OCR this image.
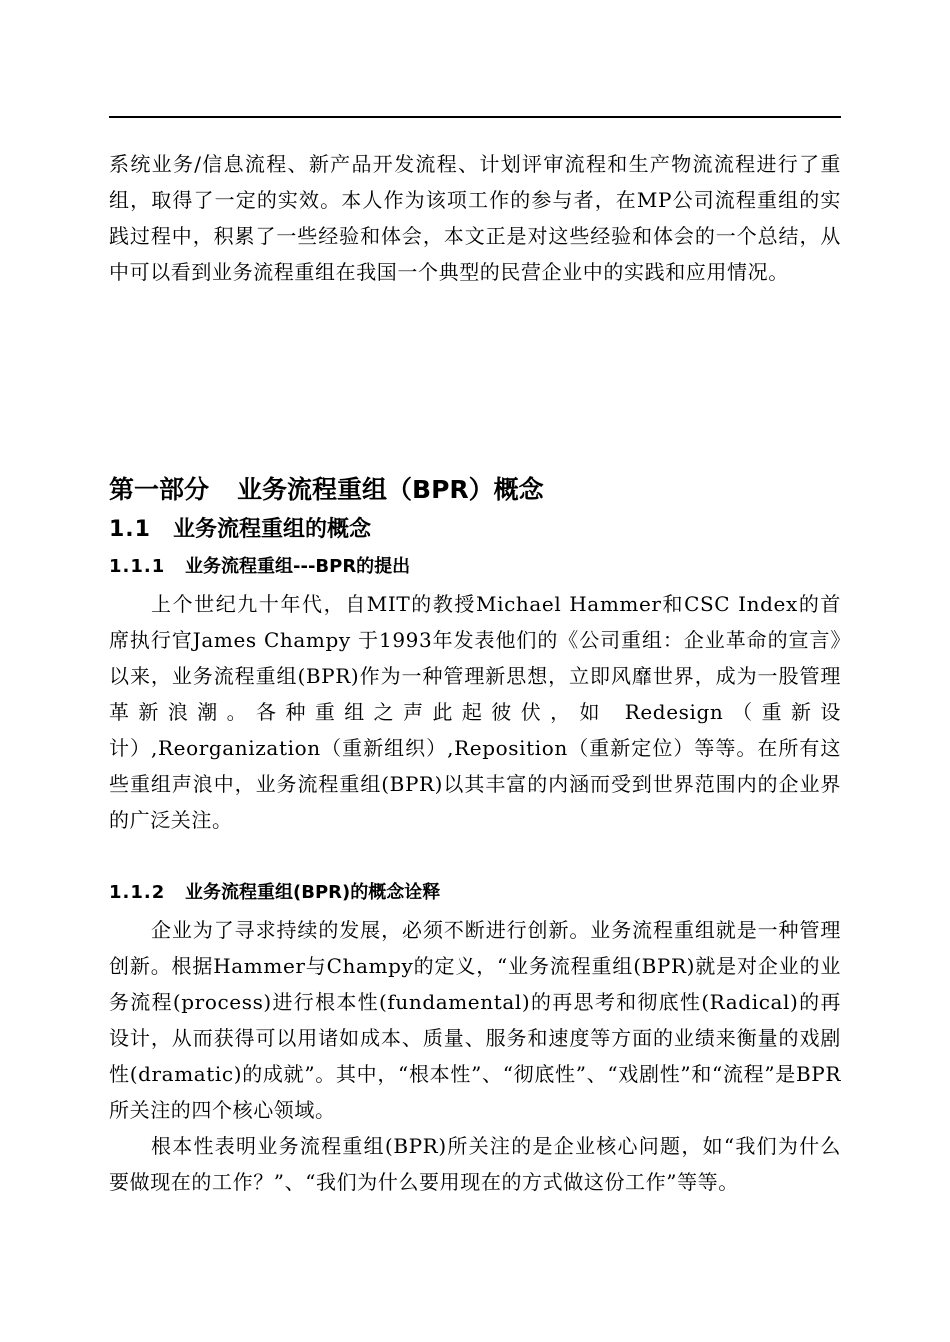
系统业务/信息流程、新产品开发流程、计划评审流程和生产物流流程进行了重组，取得了一定的实效。本人作为该项工作的参与者，在MP公司流程重组的实践过程中，积累了一些经验和体会，本文正是对这些经验和体会的一个总结，从中可以看到业务流程重组在我国一个典型的民营企业中的实践和应用情况。

第一部分 业务流程重组（BPR）概念
1.1 业务流程重组的概念
1.1.1 业务流程重组---BPR的提出

上个世纪九十年代，自MIT的教授Michael Hammer和CSC Index的首席执行官James Champy 于1993年发表他们的《公司重组：企业革命的宣言》以来，业务流程重组(BPR)作为一种管理新思想，立即风靡世界，成为一股管理革新浪潮。各种重组之声此起彼伏，如 Redesign（重新设计）,Reorganization（重新组织）,Reposition（重新定位）等等。在所有这些重组声浪中，业务流程重组(BPR)以其丰富的内涵而受到世界范围内的企业界的广泛关注。

1.1.2 业务流程重组(BPR)的概念诠释

企业为了寻求持续的发展，必须不断进行创新。业务流程重组就是一种管理创新。根据Hammer与Champy的定义，“业务流程重组(BPR)就是对企业的业务流程(process)进行根本性(fundamental)的再思考和彻底性(Radical)的再设计，从而获得可以用诸如成本、质量、服务和速度等方面的业绩来衡量的戏剧性(dramatic)的成就”。其中，“根本性”、“彻底性”、“戏剧性”和“流程”是BPR所关注的四个核心领域。

根本性表明业务流程重组(BPR)所关注的是企业核心问题，如“我们为什么要做现在的工作？”、“我们为什么要用现在的方式做这份工作”等等。
